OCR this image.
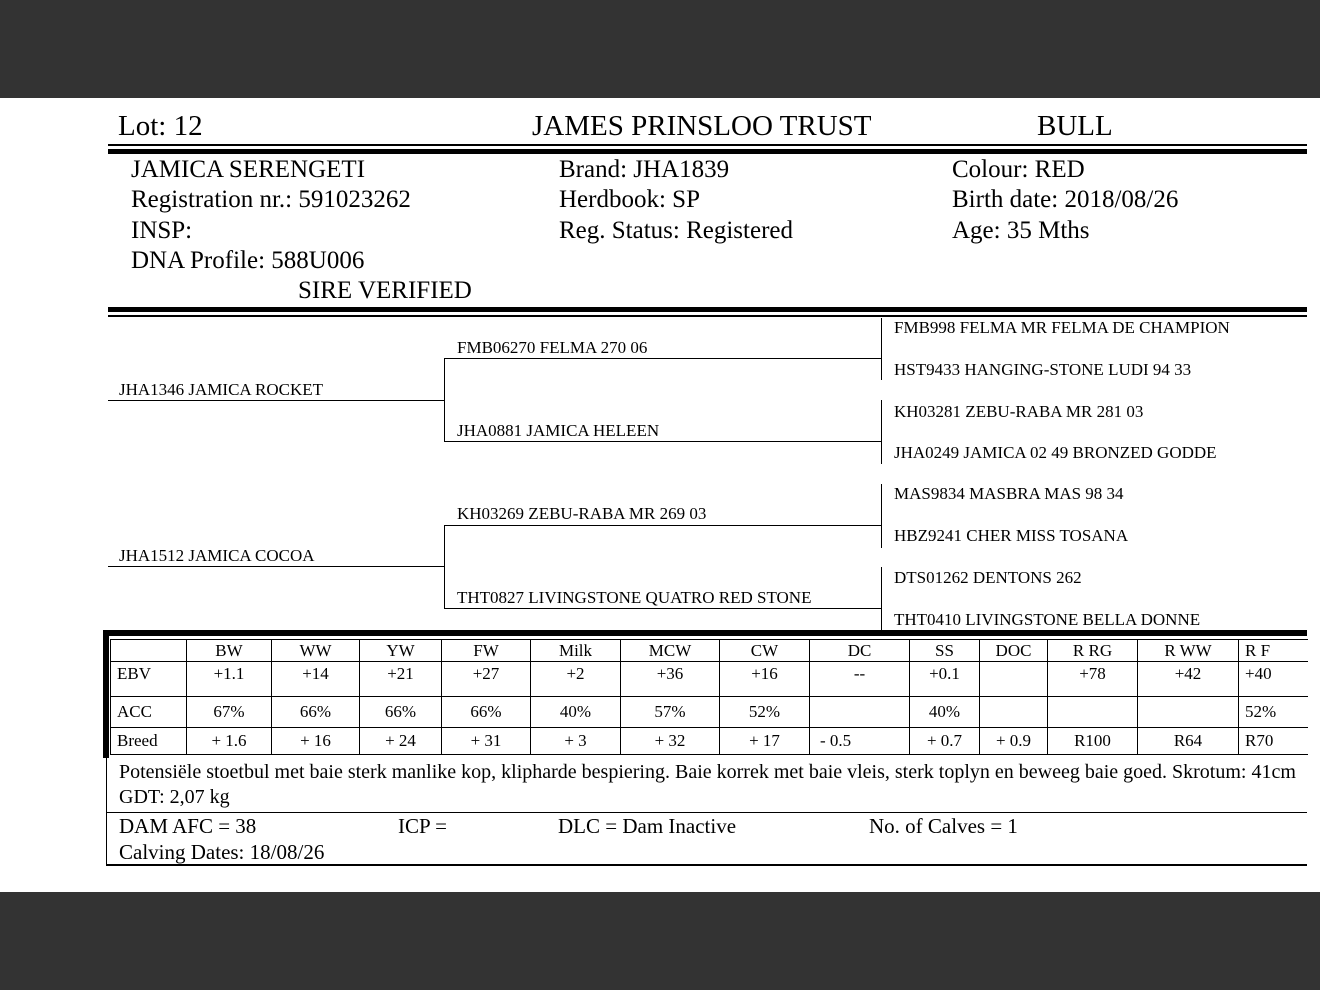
Lot: 12	JAMES PRINSLOO TRUST	BULL
JAMICA SERENGETI
Registration nr.: 591023262
INSP:
DNA Profile: 588U006
SIRE VERIFIED
Brand: JHA1839
Herdbook: SP
Reg. Status: Registered
Colour: RED
Birth date: 2018/08/26
Age: 35 Mths
JHA1346 JAMICA ROCKET
JHA1512 JAMICA COCOA
FMB06270 FELMA 270 06
JHA0881 JAMICA HELEEN
KH03269 ZEBU-RABA MR 269 03
THT0827 LIVINGSTONE QUATRO RED STONE
FMB998 FELMA MR FELMA DE CHAMPION
HST9433 HANGING-STONE LUDI 94 33
KH03281 ZEBU-RABA MR 281 03
JHA0249 JAMICA 02 49 BRONZED GODDE
MAS9834 MASBRA MAS 98 34
HBZ9241 CHER MISS TOSANA
DTS01262 DENTONS 262
THT0410 LIVINGSTONE BELLA DONNE
	BW	WW	YW	FW	Milk	MCW	CW	DC	SS	DOC	R RG	R WW	R F
EBV	+1.1	+14	+21	+27	+2	+36	+16	--	+0.1		+78	+42	+40
ACC	67%	66%	66%	66%	40%	57%	52%		40%				52%
Breed	+ 1.6	+ 16	+ 24	+ 31	+ 3	+ 32	+ 17	- 0.5	+ 0.7	+ 0.9	R100	R64	R70
Potensiële stoetbul met baie sterk manlike kop, klipharde bespiering. Baie korrek met baie vleis, sterk toplyn en beweeg baie goed. Skrotum: 41cm GDT: 2,07 kg
DAM AFC = 38	ICP =	DLC = Dam Inactive	No. of Calves = 1
Calving Dates: 18/08/26
